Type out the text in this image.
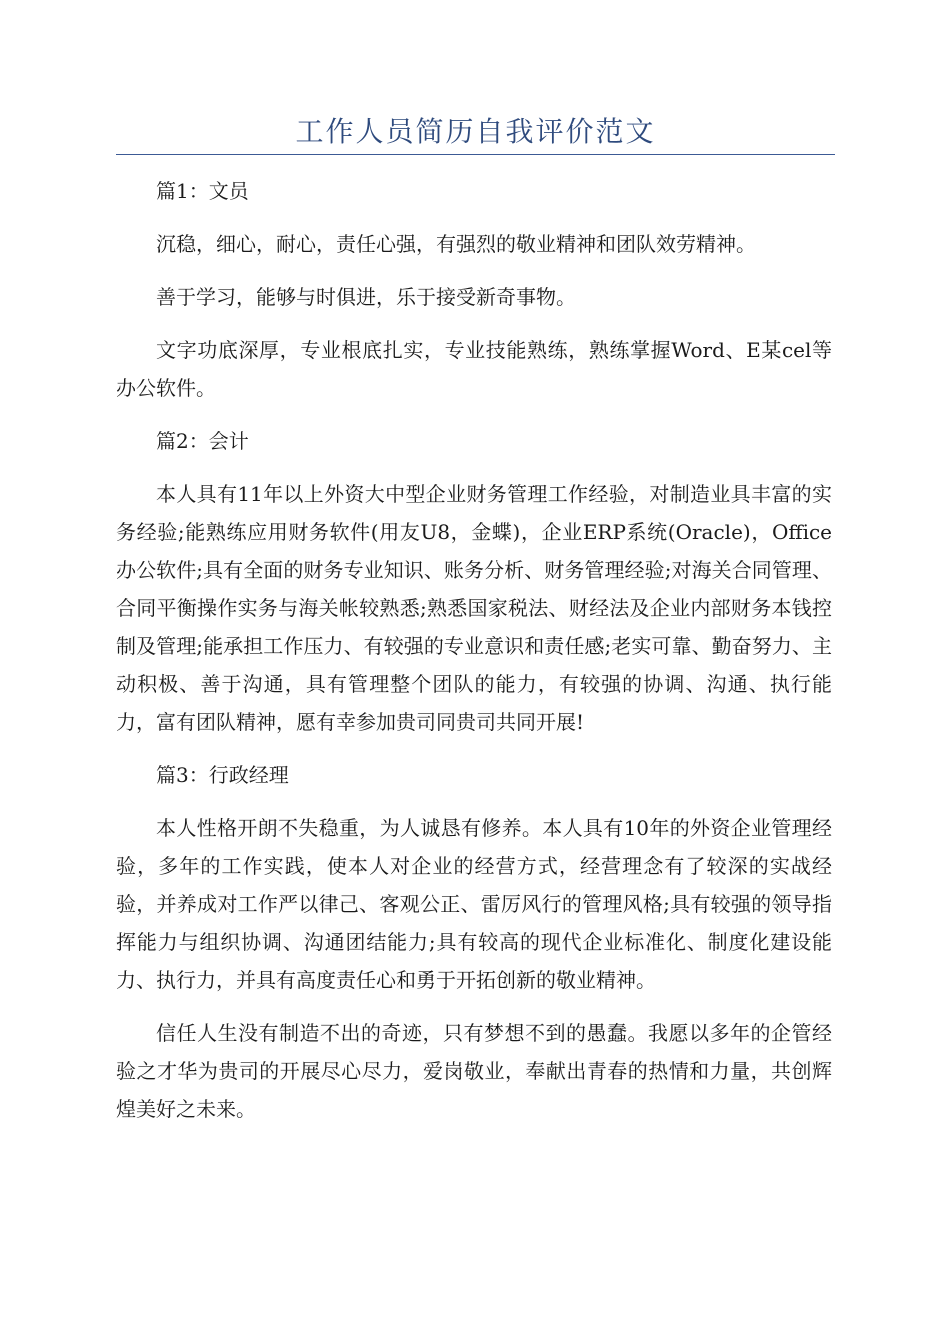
工作人员简历自我评价范文

篇1：文员

沉稳，细心，耐心，责任心强，有强烈的敬业精神和团队效劳精神。

善于学习，能够与时俱进，乐于接受新奇事物。

文字功底深厚，专业根底扎实，专业技能熟练，熟练掌握Word、E某cel等办公软件。

篇2：会计

本人具有11年以上外资大中型企业财务管理工作经验，对制造业具丰富的实务经验;能熟练应用财务软件(用友U8，金蝶)，企业ERP系统(Oracle)，Office办公软件;具有全面的财务专业知识、账务分析、财务管理经验;对海关合同管理、合同平衡操作实务与海关帐较熟悉;熟悉国家税法、财经法及企业内部财务本钱控制及管理;能承担工作压力、有较强的专业意识和责任感;老实可靠、勤奋努力、主动积极、善于沟通，具有管理整个团队的能力，有较强的协调、沟通、执行能力，富有团队精神，愿有幸参加贵司同贵司共同开展!

篇3：行政经理

本人性格开朗不失稳重，为人诚恳有修养。本人具有10年的外资企业管理经验，多年的工作实践，使本人对企业的经营方式，经营理念有了较深的实战经验，并养成对工作严以律己、客观公正、雷厉风行的管理风格;具有较强的领导指挥能力与组织协调、沟通团结能力;具有较高的现代企业标准化、制度化建设能力、执行力，并具有高度责任心和勇于开拓创新的敬业精神。

信任人生没有制造不出的奇迹，只有梦想不到的愚蠢。我愿以多年的企管经验之才华为贵司的开展尽心尽力，爱岗敬业，奉献出青春的热情和力量，共创辉煌美好之未来。
